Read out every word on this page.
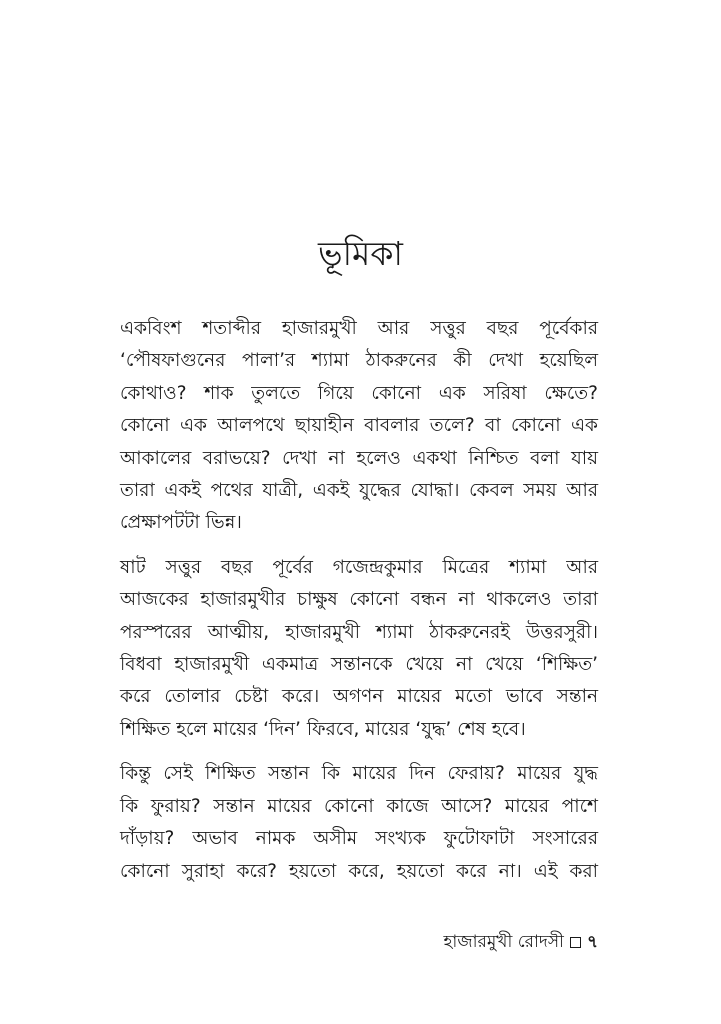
ভূমিকা

একবিংশ শতাব্দীর হাজারমুখী আর সত্তুর বছর পূর্বেকার
‘পৌষফাগুনের পালা’র শ্যামা ঠাকরুনের কী দেখা হয়েছিল
কোথাও? শাক তুলতে গিয়ে কোনো এক সরিষা ক্ষেতে?
কোনো এক আলপথে ছায়াহীন বাবলার তলে? বা কোনো এক
আকালের বরাভয়ে? দেখা না হলেও একথা নিশ্চিত বলা যায়
তারা একই পথের যাত্রী, একই যুদ্ধের যোদ্ধা। কেবল সময় আর
প্রেক্ষাপটটা ভিন্ন।

ষাট সত্তুর বছর পূর্বের গজেন্দ্রকুমার মিত্রের শ্যামা আর
আজকের হাজারমুখীর চাক্ষুষ কোনো বন্ধন না থাকলেও তারা
পরস্পরের আত্মীয়, হাজারমুখী শ্যামা ঠাকরুনেরই উত্তরসুরী।
বিধবা হাজারমুখী একমাত্র সন্তানকে খেয়ে না খেয়ে ‘শিক্ষিত’
করে তোলার চেষ্টা করে। অগণন মায়ের মতো ভাবে সন্তান
শিক্ষিত হলে মায়ের ‘দিন’ ফিরবে, মায়ের ‘যুদ্ধ’ শেষ হবে।

কিন্তু সেই শিক্ষিত সন্তান কি মায়ের দিন ফেরায়? মায়ের যুদ্ধ
কি ফুরায়? সন্তান মায়ের কোনো কাজে আসে? মায়ের পাশে
দাঁড়ায়? অভাব নামক অসীম সংখ্যক ফুটোফাটা সংসারের
কোনো সুরাহা করে? হয়তো করে, হয়তো করে না। এই করা

হাজারমুখী রোদসী ৭
